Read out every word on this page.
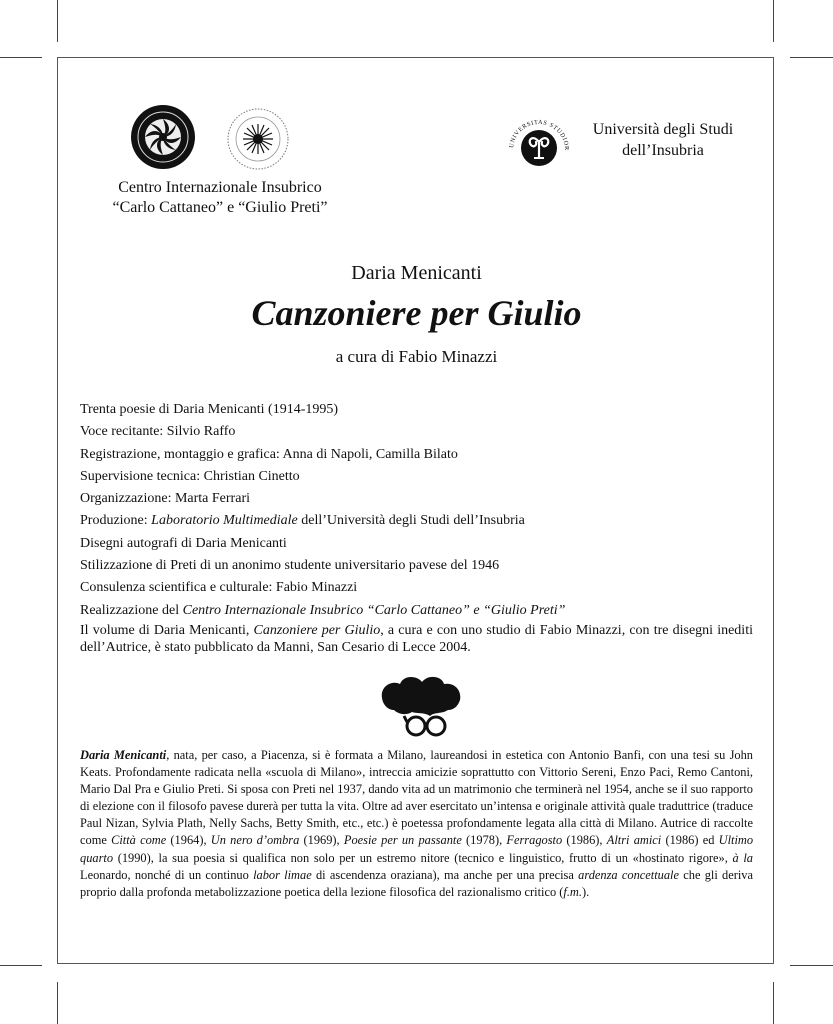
UNIVERSITAS STUDIOR
Centro Internazionale Insubrico
“Carlo Cattaneo” e “Giulio Preti”
Università degli Studi
dell’Insubria
Daria Menicanti
Canzoniere per Giulio
a cura di Fabio Minazzi
Trenta poesie di Daria Menicanti (1914-1995)
Voce recitante: Silvio Raffo
Registrazione, montaggio e grafica: Anna di Napoli, Camilla Bilato
Supervisione tecnica: Christian Cinetto
Organizzazione: Marta Ferrari
Produzione: Laboratorio Multimediale dell’Università degli Studi dell’Insubria
Disegni autografi di Daria Menicanti
Stilizzazione di Preti di un anonimo studente universitario pavese del 1946
Consulenza scientifica e culturale: Fabio Minazzi
Realizzazione del Centro Internazionale Insubrico “Carlo Cattaneo” e “Giulio Preti”
Il volume di Daria Menicanti, Canzoniere per Giulio, a cura e con uno studio di Fabio Minazzi, con tre disegni inediti dell’Autrice, è stato pubblicato da Manni, San Cesario di Lecce 2004.
Daria Menicanti, nata, per caso, a Piacenza, si è formata a Milano, laureandosi in estetica con Antonio Banfi, con una tesi su John Keats. Profondamente radicata nella «scuola di Milano», intreccia amicizie soprattutto con Vittorio Sereni, Enzo Paci, Remo Cantoni, Mario Dal Pra e Giulio Preti. Si sposa con Preti nel 1937, dando vita ad un matrimonio che terminerà nel 1954, anche se il suo rapporto di elezione con il filosofo pavese durerà per tutta la vita. Oltre ad aver esercitato un’intensa e originale attività quale traduttrice (traduce Paul Nizan, Sylvia Plath, Nelly Sachs, Betty Smith, etc., etc.) è poetessa profondamente legata alla città di Milano. Autrice di raccolte come Città come (1964), Un nero d’ombra (1969), Poesie per un passante (1978), Ferragosto (1986), Altri amici (1986) ed Ultimo quarto (1990), la sua poesia si qualifica non solo per un estremo nitore (tecnico e linguistico, frutto di un «hostinato rigore», à la Leonardo, nonché di un continuo labor limae di ascendenza oraziana), ma anche per una precisa ardenza concettuale che gli deriva proprio dalla profonda metabolizzazione poetica della lezione filosofica del razionalismo critico (f.m.).
